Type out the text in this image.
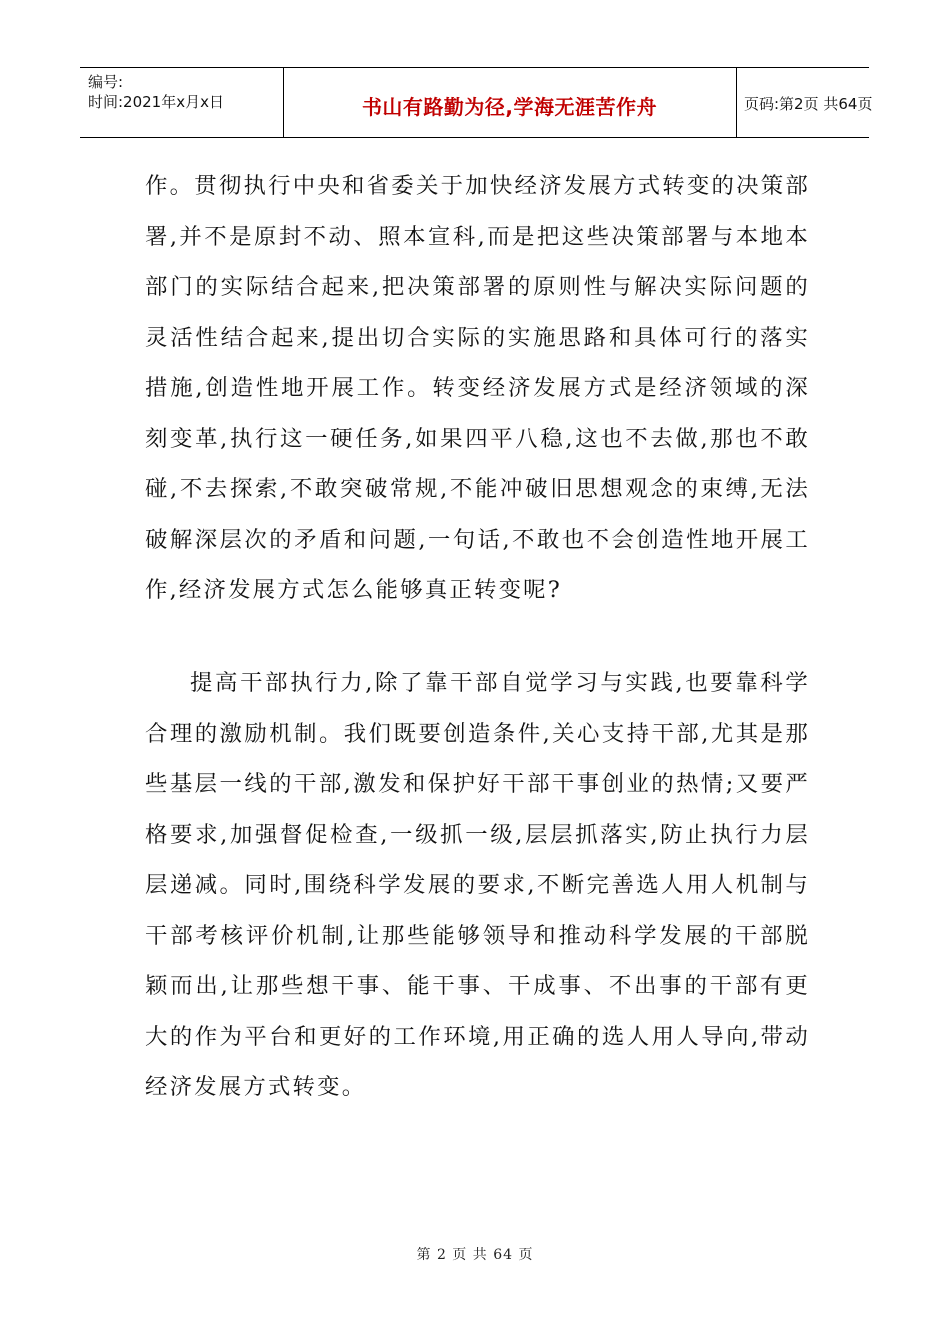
编号:
时间:2021年x月x日	书山有路勤为径,学海无涯苦作舟	页码:第2页 共64页

作。贯彻执行中央和省委关于加快经济发展方式转变的决策部署,并不是原封不动、照本宣科,而是把这些决策部署与本地本部门的实际结合起来,把决策部署的原则性与解决实际问题的灵活性结合起来,提出切合实际的实施思路和具体可行的落实措施,创造性地开展工作。转变经济发展方式是经济领域的深刻变革,执行这一硬任务,如果四平八稳,这也不去做,那也不敢碰,不去探索,不敢突破常规,不能冲破旧思想观念的束缚,无法破解深层次的矛盾和问题,一句话,不敢也不会创造性地开展工作,经济发展方式怎么能够真正转变呢?

提高干部执行力,除了靠干部自觉学习与实践,也要靠科学合理的激励机制。我们既要创造条件,关心支持干部,尤其是那些基层一线的干部,激发和保护好干部干事创业的热情;又要严格要求,加强督促检查,一级抓一级,层层抓落实,防止执行力层层递减。同时,围绕科学发展的要求,不断完善选人用人机制与干部考核评价机制,让那些能够领导和推动科学发展的干部脱颖而出,让那些想干事、能干事、干成事、不出事的干部有更大的作为平台和更好的工作环境,用正确的选人用人导向,带动经济发展方式转变。

第 2 页 共 64 页
